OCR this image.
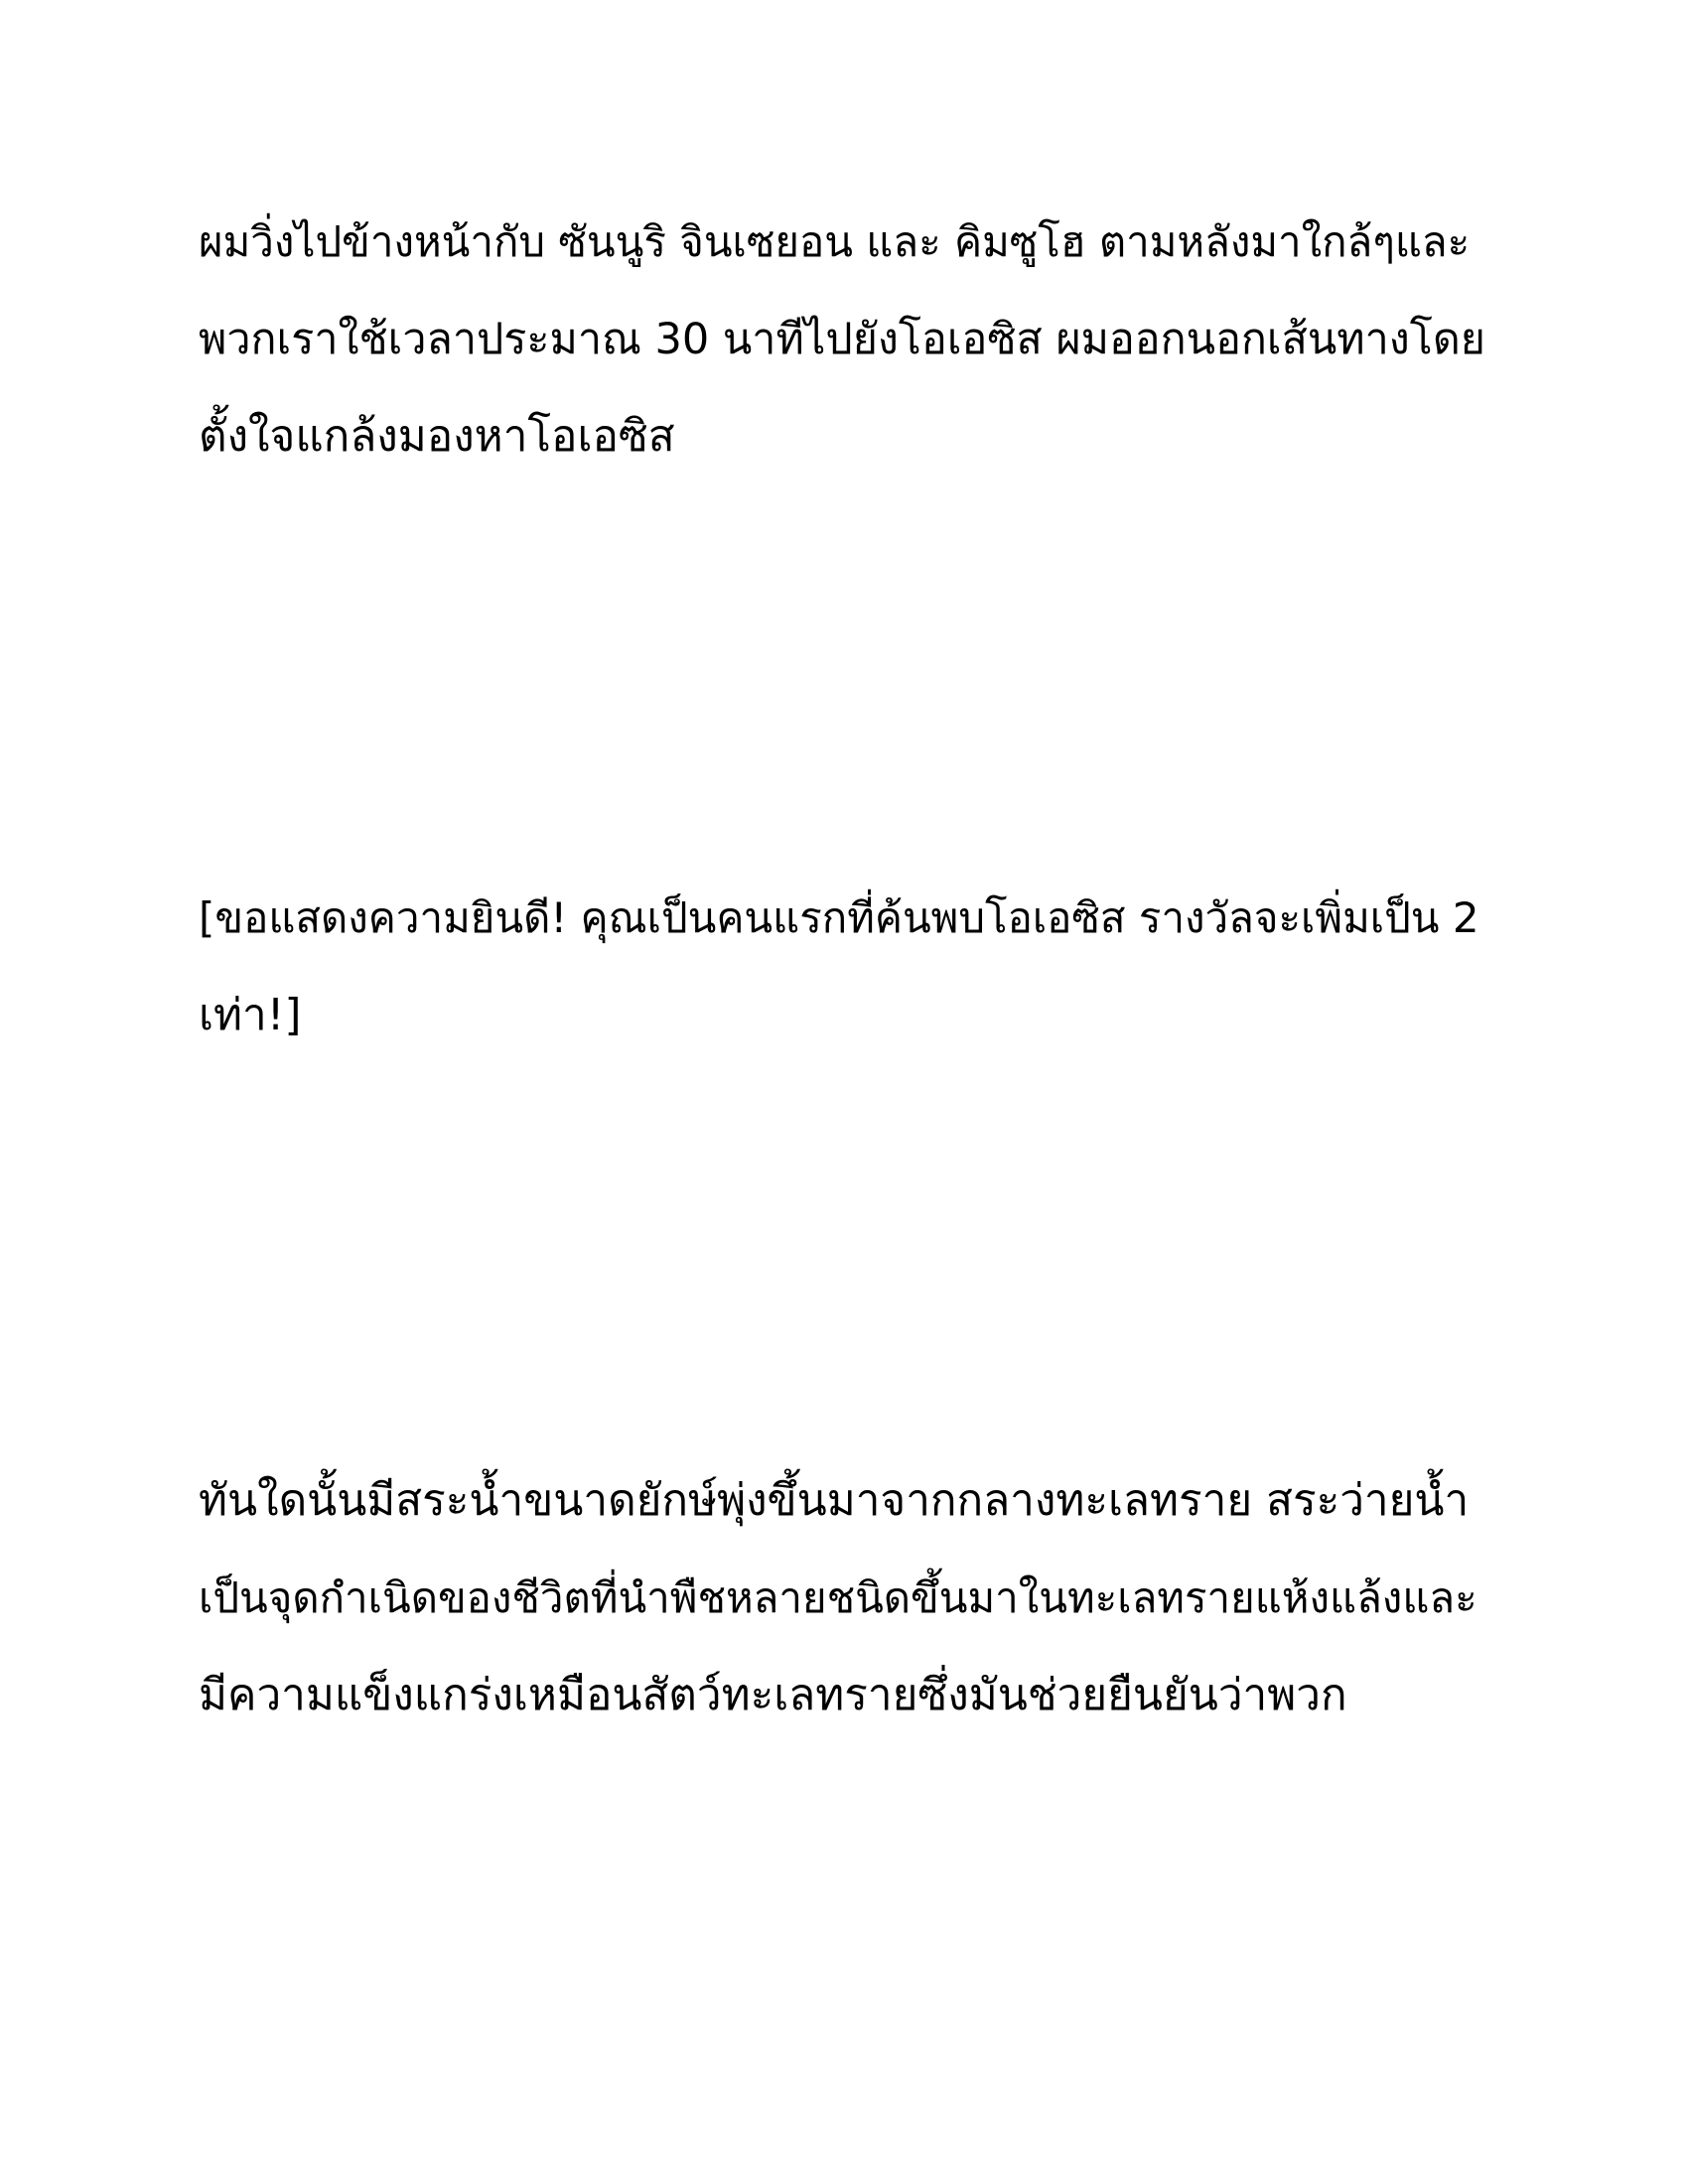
ผมวิ่งไปข้างหน้ากับ ซันนูริ จินเซยอน และ คิมซูโฮ ตามหลังมาใกล้ๆและ
พวกเราใช้เวลาประมาณ 30 นาทีไปยังโอเอซิส ผมออกนอกเส้นทางโดย
ตั้งใจแกล้งมองหาโอเอซิส

[ขอแสดงความยินดี! คุณเป็นคนแรกที่ค้นพบโอเอซิส รางวัลจะเพิ่มเป็น 2
เท่า!]

ทันใดนั้นมีสระน้ำขนาดยักษ์พุ่งขึ้นมาจากกลางทะเลทราย สระว่ายน้ำ
เป็นจุดกำเนิดของชีวิตที่นำพืชหลายชนิดขึ้นมาในทะเลทรายแห้งแล้งและ
มีความแข็งแกร่งเหมือนสัตว์ทะเลทรายซึ่งมันช่วยยืนยันว่าพวก
